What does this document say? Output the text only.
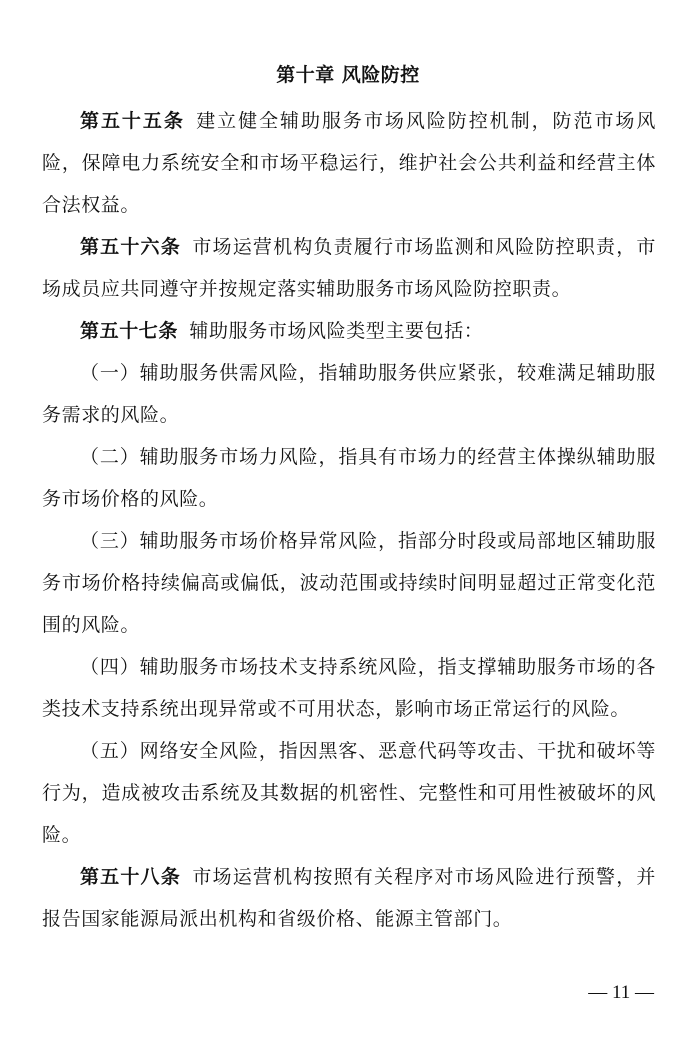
第十章 风险防控

第五十五条 建立健全辅助服务市场风险防控机制，防范市场风险，保障电力系统安全和市场平稳运行，维护社会公共利益和经营主体合法权益。

第五十六条 市场运营机构负责履行市场监测和风险防控职责，市场成员应共同遵守并按规定落实辅助服务市场风险防控职责。

第五十七条 辅助服务市场风险类型主要包括：

（一）辅助服务供需风险，指辅助服务供应紧张，较难满足辅助服务需求的风险。

（二）辅助服务市场力风险，指具有市场力的经营主体操纵辅助服务市场价格的风险。

（三）辅助服务市场价格异常风险，指部分时段或局部地区辅助服务市场价格持续偏高或偏低，波动范围或持续时间明显超过正常变化范围的风险。

（四）辅助服务市场技术支持系统风险，指支撑辅助服务市场的各类技术支持系统出现异常或不可用状态，影响市场正常运行的风险。

（五）网络安全风险，指因黑客、恶意代码等攻击、干扰和破坏等行为，造成被攻击系统及其数据的机密性、完整性和可用性被破坏的风险。

第五十八条 市场运营机构按照有关程序对市场风险进行预警，并报告国家能源局派出机构和省级价格、能源主管部门。

— 11 —
